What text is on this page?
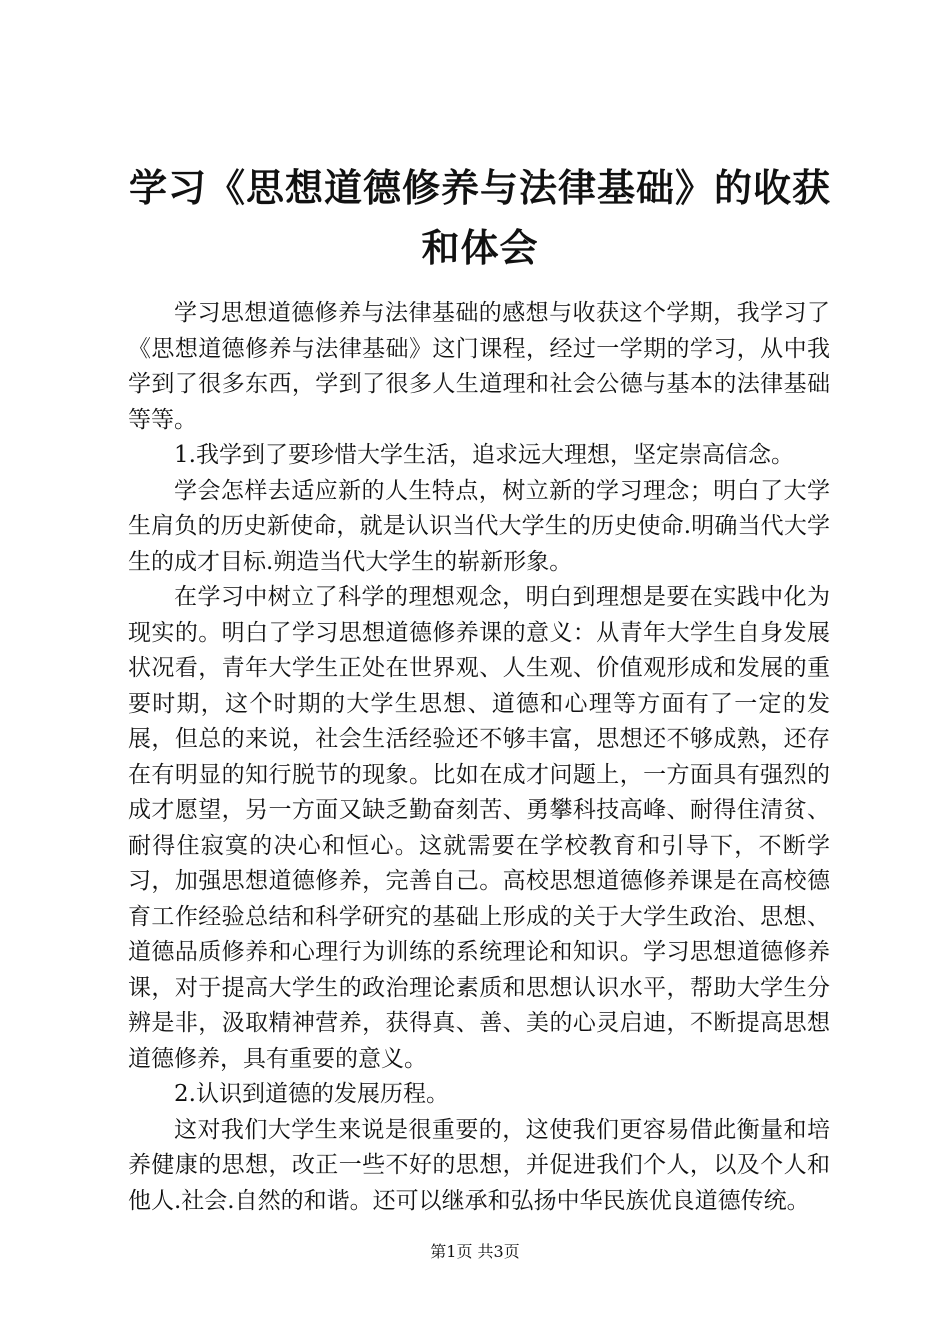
学习《思想道德修养与法律基础》的收获和体会

学习思想道德修养与法律基础的感想与收获这个学期，我学习了《思想道德修养与法律基础》这门课程，经过一学期的学习，从中我学到了很多东西，学到了很多人生道理和社会公德与基本的法律基础等等。

1.我学到了要珍惜大学生活，追求远大理想，坚定崇高信念。

学会怎样去适应新的人生特点，树立新的学习理念；明白了大学生肩负的历史新使命，就是认识当代大学生的历史使命.明确当代大学生的成才目标.朔造当代大学生的崭新形象。

在学习中树立了科学的理想观念，明白到理想是要在实践中化为现实的。明白了学习思想道德修养课的意义：从青年大学生自身发展状况看，青年大学生正处在世界观、人生观、价值观形成和发展的重要时期，这个时期的大学生思想、道德和心理等方面有了一定的发展，但总的来说，社会生活经验还不够丰富，思想还不够成熟，还存在有明显的知行脱节的现象。比如在成才问题上，一方面具有强烈的成才愿望，另一方面又缺乏勤奋刻苦、勇攀科技高峰、耐得住清贫、耐得住寂寞的决心和恒心。这就需要在学校教育和引导下，不断学习，加强思想道德修养，完善自己。高校思想道德修养课是在高校德育工作经验总结和科学研究的基础上形成的关于大学生政治、思想、道德品质修养和心理行为训练的系统理论和知识。学习思想道德修养课，对于提高大学生的政治理论素质和思想认识水平，帮助大学生分辨是非，汲取精神营养，获得真、善、美的心灵启迪，不断提高思想道德修养，具有重要的意义。

2.认识到道德的发展历程。

这对我们大学生来说是很重要的，这使我们更容易借此衡量和培养健康的思想，改正一些不好的思想，并促进我们个人，以及个人和他人.社会.自然的和谐。还可以继承和弘扬中华民族优良道德传统。

第1页 共3页
